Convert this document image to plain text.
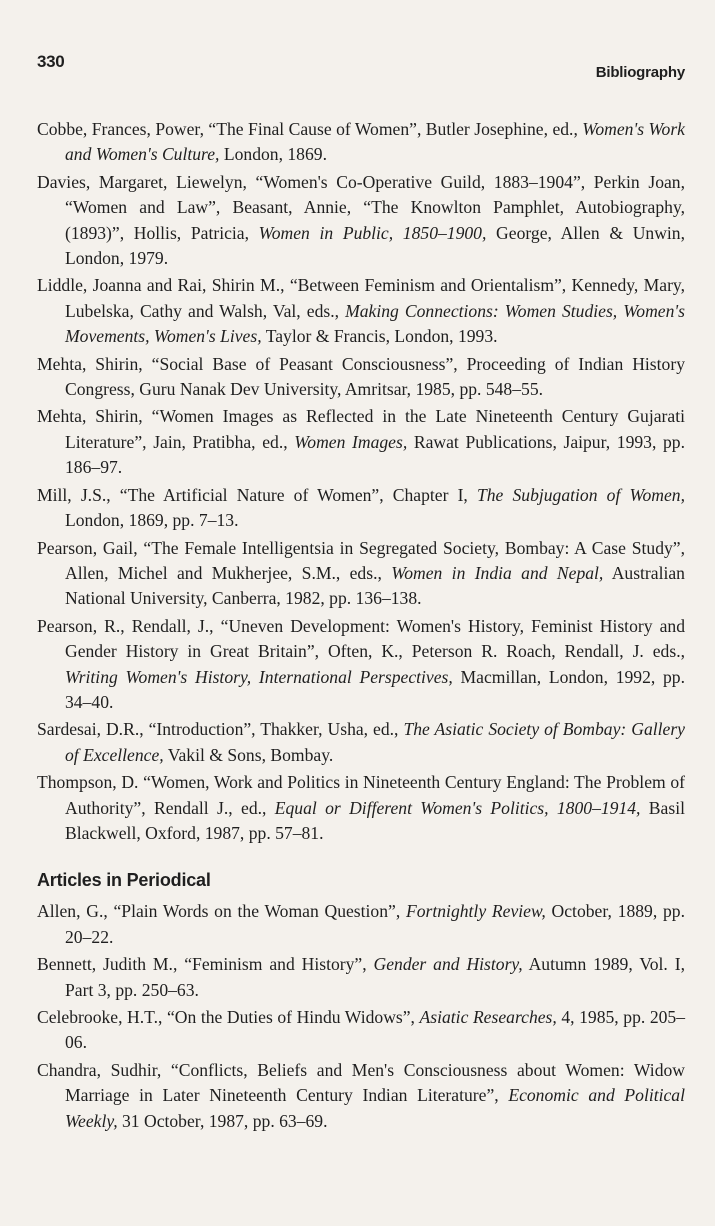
330
Bibliography

Cobbe, Frances, Power, “The Final Cause of Women”, Butler Josephine, ed., Women's Work and Women's Culture, London, 1869.

Davies, Margaret, Liewelyn, “Women's Co-Operative Guild, 1883–1904”, Perkin Joan, “Women and Law”, Beasant, Annie, “The Knowlton Pamphlet, Autobiography, (1893)”, Hollis, Patricia, Women in Public, 1850–1900, George, Allen & Unwin, London, 1979.

Liddle, Joanna and Rai, Shirin M., “Between Feminism and Orientalism”, Kennedy, Mary, Lubelska, Cathy and Walsh, Val, eds., Making Connections: Women Studies, Women's Movements, Women's Lives, Taylor & Francis, London, 1993.

Mehta, Shirin, “Social Base of Peasant Consciousness”, Proceeding of Indian History Congress, Guru Nanak Dev University, Amritsar, 1985, pp. 548–55.

Mehta, Shirin, “Women Images as Reflected in the Late Nineteenth Century Gujarati Literature”, Jain, Pratibha, ed., Women Images, Rawat Publications, Jaipur, 1993, pp. 186–97.

Mill, J.S., “The Artificial Nature of Women”, Chapter I, The Subjugation of Women, London, 1869, pp. 7–13.

Pearson, Gail, “The Female Intelligentsia in Segregated Society, Bombay: A Case Study”, Allen, Michel and Mukherjee, S.M., eds., Women in India and Nepal, Australian National University, Canberra, 1982, pp. 136–138.

Pearson, R., Rendall, J., “Uneven Development: Women's History, Feminist History and Gender History in Great Britain”, Often, K., Peterson R. Roach, Rendall, J. eds., Writing Women's History, International Perspectives, Macmillan, London, 1992, pp. 34–40.

Sardesai, D.R., “Introduction”, Thakker, Usha, ed., The Asiatic Society of Bombay: Gallery of Excellence, Vakil & Sons, Bombay.

Thompson, D. “Women, Work and Politics in Nineteenth Century England: The Problem of Authority”, Rendall J., ed., Equal or Different Women's Politics, 1800–1914, Basil Blackwell, Oxford, 1987, pp. 57–81.

Articles in Periodical

Allen, G., “Plain Words on the Woman Question”, Fortnightly Review, October, 1889, pp. 20–22.

Bennett, Judith M., “Feminism and History”, Gender and History, Autumn 1989, Vol. I, Part 3, pp. 250–63.

Celebrooke, H.T., “On the Duties of Hindu Widows”, Asiatic Researches, 4, 1985, pp. 205–06.

Chandra, Sudhir, “Conflicts, Beliefs and Men's Consciousness about Women: Widow Marriage in Later Nineteenth Century Indian Literature”, Economic and Political Weekly, 31 October, 1987, pp. 63–69.
